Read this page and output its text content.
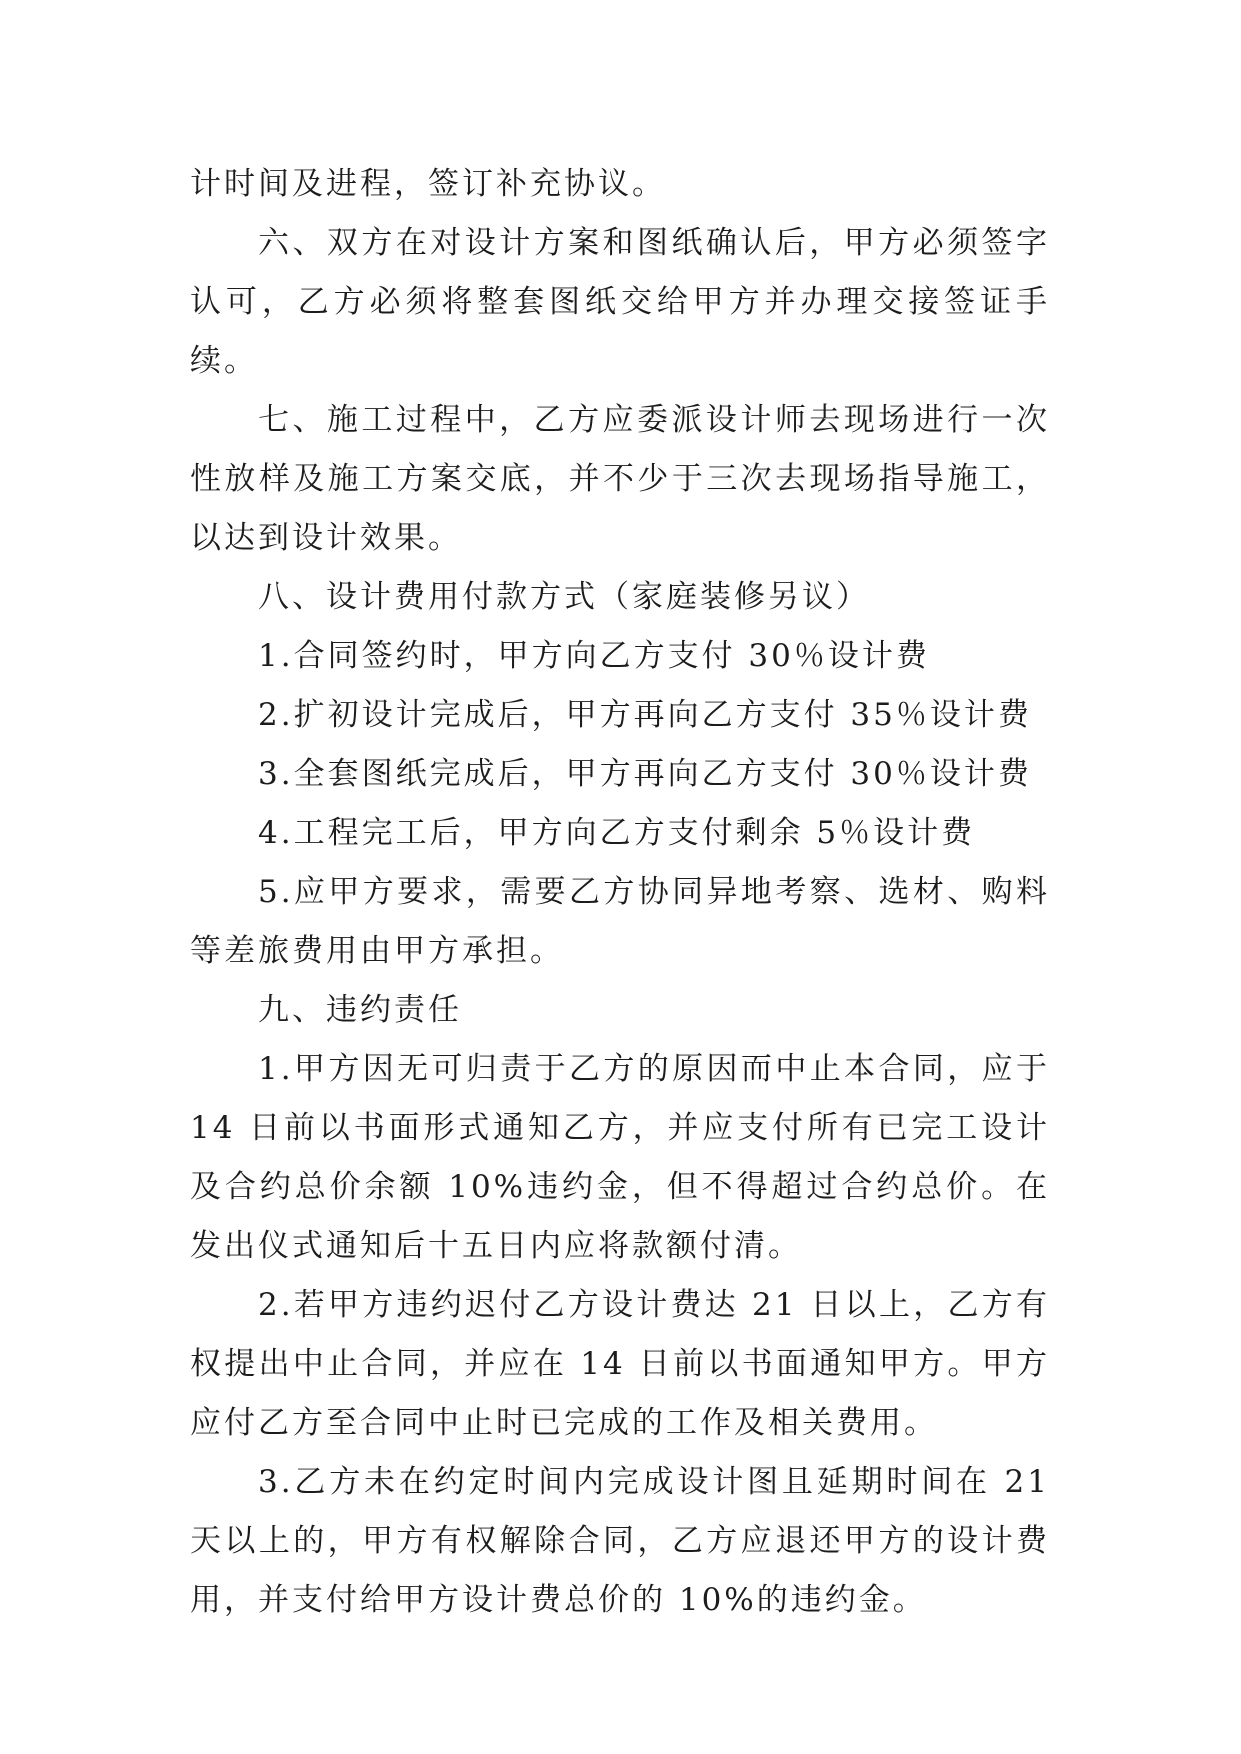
计时间及进程，签订补充协议。

六、双方在对设计方案和图纸确认后，甲方必须签字认可，乙方必须将整套图纸交给甲方并办理交接签证手续。

七、施工过程中，乙方应委派设计师去现场进行一次性放样及施工方案交底，并不少于三次去现场指导施工，以达到设计效果。

八、设计费用付款方式（家庭装修另议）

1.合同签约时，甲方向乙方支付 30％设计费

2.扩初设计完成后，甲方再向乙方支付 35％设计费

3.全套图纸完成后，甲方再向乙方支付 30％设计费

4.工程完工后，甲方向乙方支付剩余 5％设计费

5.应甲方要求，需要乙方协同异地考察、选材、购料等差旅费用由甲方承担。

九、违约责任

1.甲方因无可归责于乙方的原因而中止本合同，应于 14 日前以书面形式通知乙方，并应支付所有已完工设计及合约总价余额 10%违约金，但不得超过合约总价。在发出仪式通知后十五日内应将款额付清。

2.若甲方违约迟付乙方设计费达 21 日以上，乙方有权提出中止合同，并应在 14 日前以书面通知甲方。甲方应付乙方至合同中止时已完成的工作及相关费用。

3.乙方未在约定时间内完成设计图且延期时间在 21 天以上的，甲方有权解除合同，乙方应退还甲方的设计费用，并支付给甲方设计费总价的 10%的违约金。
